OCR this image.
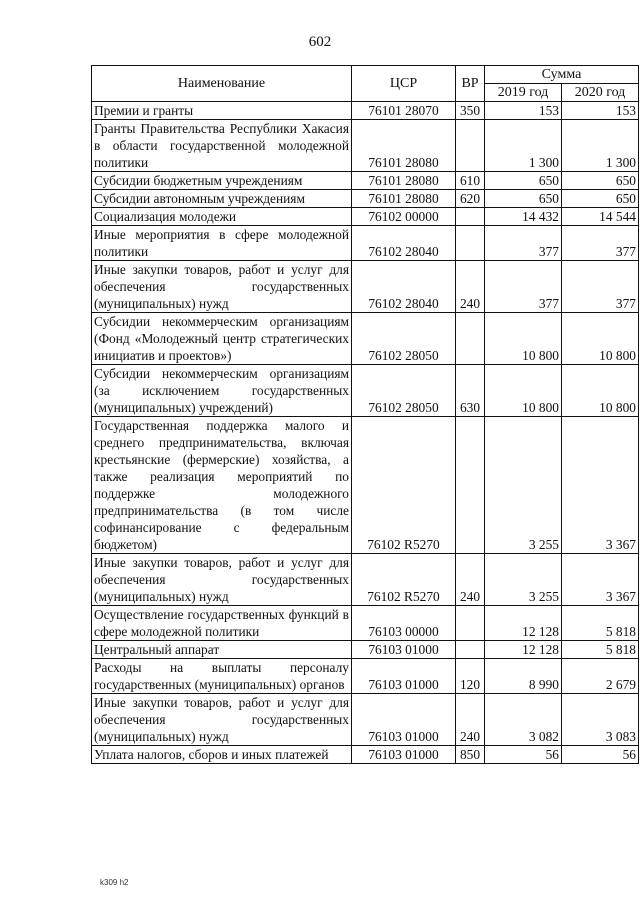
602
Наименование	ЦСР	ВР	Сумма	
			2019 год	2020 год
Премии и гранты	76101 28070	350	153	153
Гранты Правительства Республики Хакасия в области государственной молодежной политики	76101 28080		1 300	1 300
Субсидии бюджетным учреждениям	76101 28080	610	650	650
Субсидии автономным учреждениям	76101 28080	620	650	650
Социализация молодежи	76102 00000		14 432	14 544
Иные мероприятия в сфере молодежной политики	76102 28040		377	377
Иные закупки товаров, работ и услуг для обеспечения государственных (муниципальных) нужд	76102 28040	240	377	377
Субсидии некоммерческим организациям (Фонд «Молодежный центр стратегических инициатив и проектов»)	76102 28050		10 800	10 800
Субсидии некоммерческим организациям (за исключением государственных (муниципальных) учреждений)	76102 28050	630	10 800	10 800
Государственная поддержка малого и среднего предпринимательства, включая крестьянские (фермерские) хозяйства, а также реализация мероприятий по поддержке молодежного предпринимательства (в том числе софинансирование с федеральным бюджетом)	76102 R5270		3 255	3 367
Иные закупки товаров, работ и услуг для обеспечения государственных (муниципальных) нужд	76102 R5270	240	3 255	3 367
Осуществление государственных функций в сфере молодежной политики	76103 00000		12 128	5 818
Центральный аппарат	76103 01000		12 128	5 818
Расходы на выплаты персоналу государственных (муниципальных) органов	76103 01000	120	8 990	2 679
Иные закупки товаров, работ и услуг для обеспечения государственных (муниципальных) нужд	76103 01000	240	3 082	3 083
Уплата налогов, сборов и иных платежей	76103 01000	850	56	56
k309 h2
